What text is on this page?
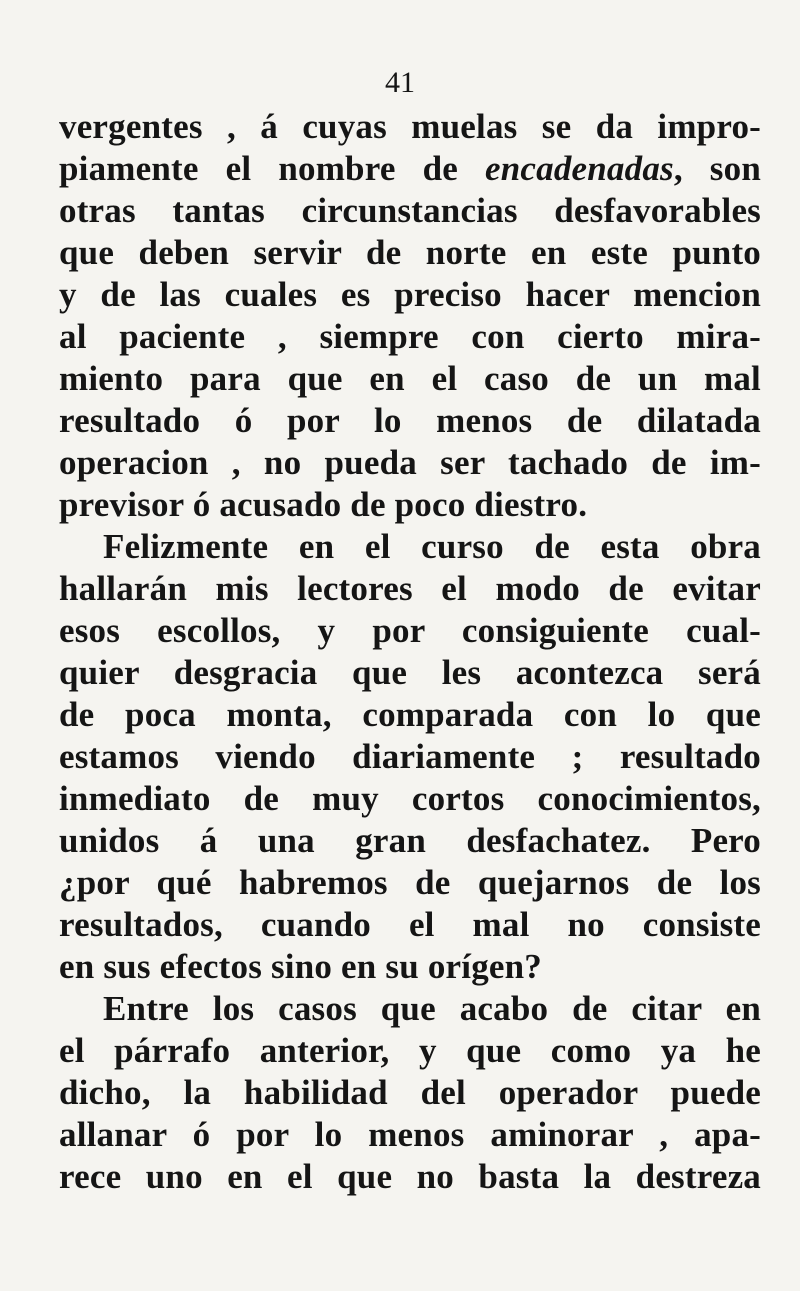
41
vergentes , á cuyas muelas se da impro-
piamente el nombre de encadenadas, son
otras tantas circunstancias desfavorables
que deben servir de norte en este punto
y de las cuales es preciso hacer mencion
al paciente , siempre con cierto mira-
miento para que en el caso de un mal
resultado ó por lo menos de dilatada
operacion , no pueda ser tachado de im-
previsor ó acusado de poco diestro.
Felizmente en el curso de esta obra
hallarán mis lectores el modo de evitar
esos escollos, y por consiguiente cual-
quier desgracia que les acontezca será
de poca monta, comparada con lo que
estamos viendo diariamente ; resultado
inmediato de muy cortos conocimientos,
unidos á una gran desfachatez. Pero
¿por qué habremos de quejarnos de los
resultados, cuando el mal no consiste
en sus efectos sino en su orígen?
Entre los casos que acabo de citar en
el párrafo anterior, y que como ya he
dicho, la habilidad del operador puede
allanar ó por lo menos aminorar , apa-
rece uno en el que no basta la destreza
